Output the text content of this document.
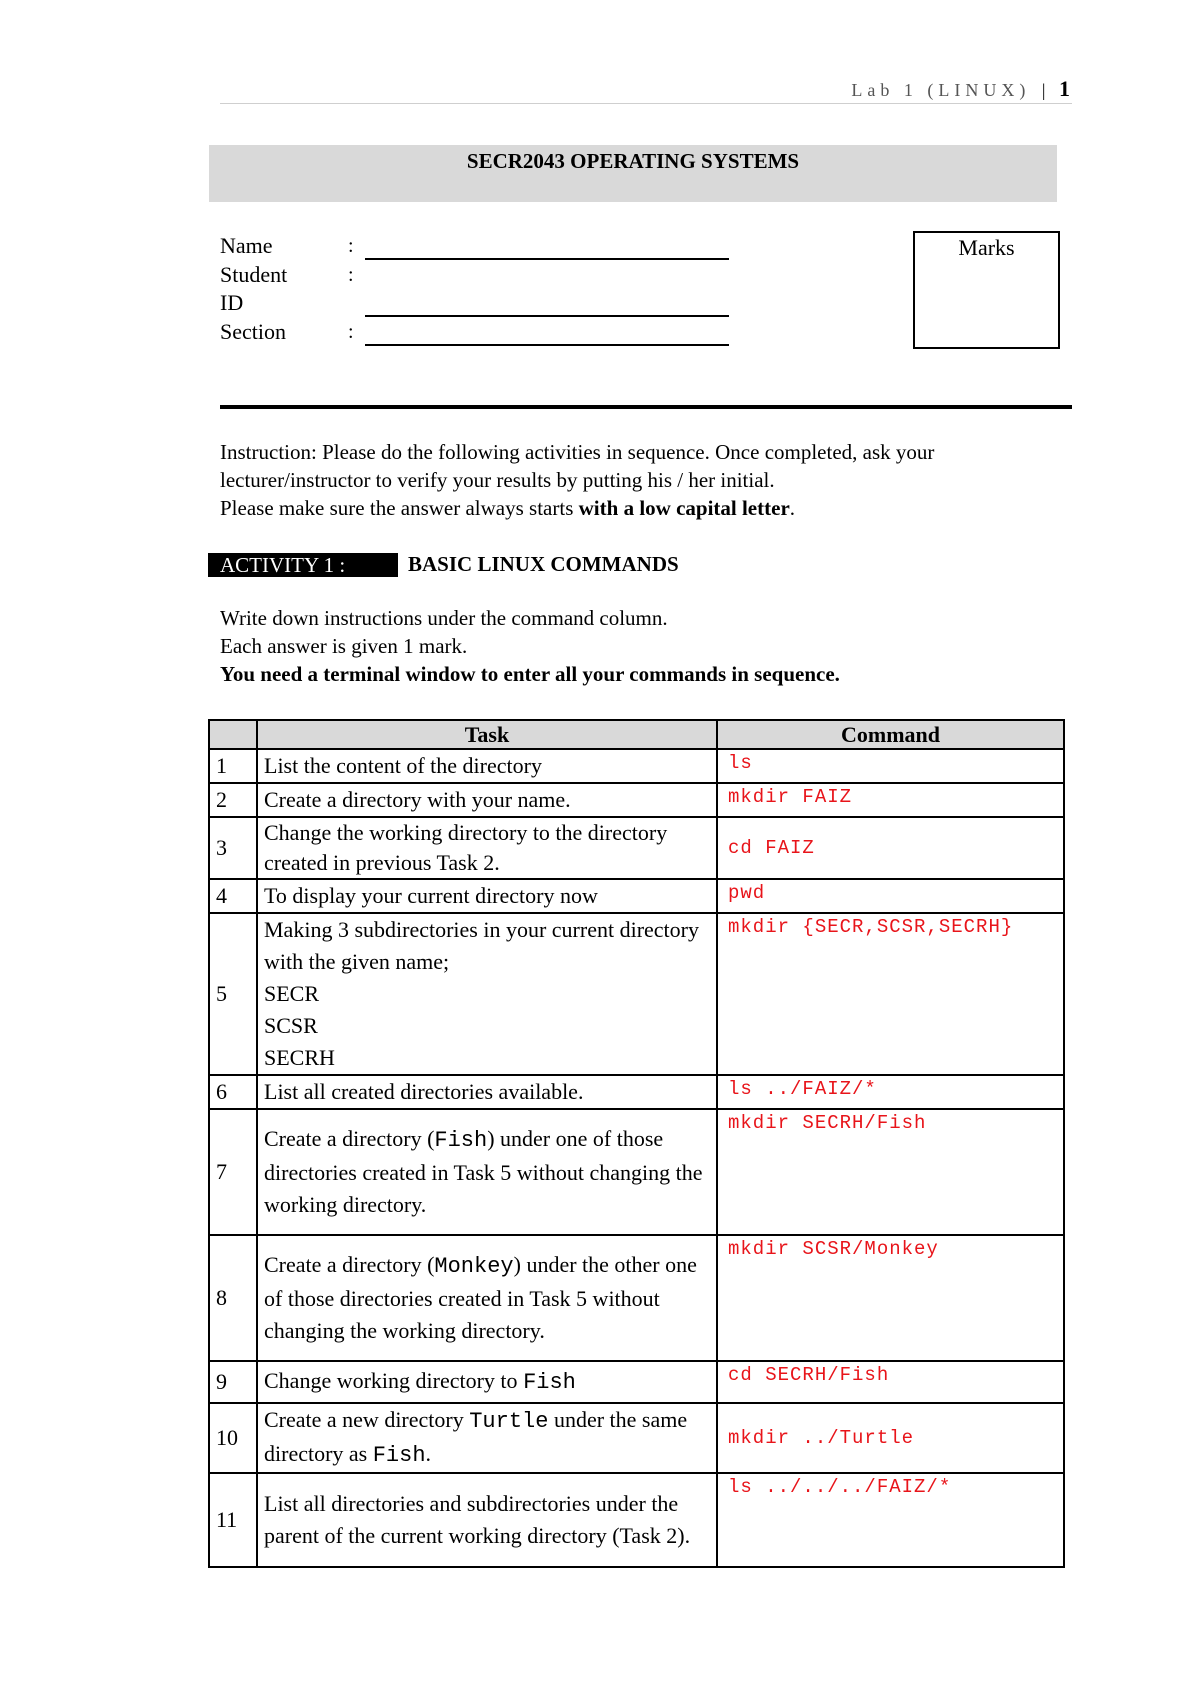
Lab 1 (LINUX) | 1
SECR2043 OPERATING SYSTEMS
Name	:
Student	:
ID
Section	:
Marks
Instruction: Please do the following activities in sequence. Once completed, ask your
lecturer/instructor to verify your results by putting his / her initial.
Please make sure the answer always starts with a low capital letter.
ACTIVITY 1 :	BASIC LINUX COMMANDS
Write down instructions under the command column.
Each answer is given 1 mark.
You need a terminal window to enter all your commands in sequence.
	Task	Command
1	List the content of the directory	ls
2	Create a directory with your name.	mkdir FAIZ
3	Change the working directory to the directory created in previous Task 2.	cd FAIZ
4	To display your current directory now	pwd
5	Making 3 subdirectories in your current directory with the given name;
SECR
SCSR
SECRH	mkdir {SECR,SCSR,SECRH}
6	List all created directories available.	ls ../FAIZ/*
7	Create a directory (Fish) under one of those directories created in Task 5 without changing the working directory.	mkdir SECRH/Fish
8	Create a directory (Monkey) under the other one of those directories created in Task 5 without changing the working directory.	mkdir SCSR/Monkey
9	Change working directory to Fish	cd SECRH/Fish
10	Create a new directory Turtle under the same directory as Fish.	mkdir ../Turtle
11	List all directories and subdirectories under the parent of the current working directory (Task 2).	ls ../../../FAIZ/*
